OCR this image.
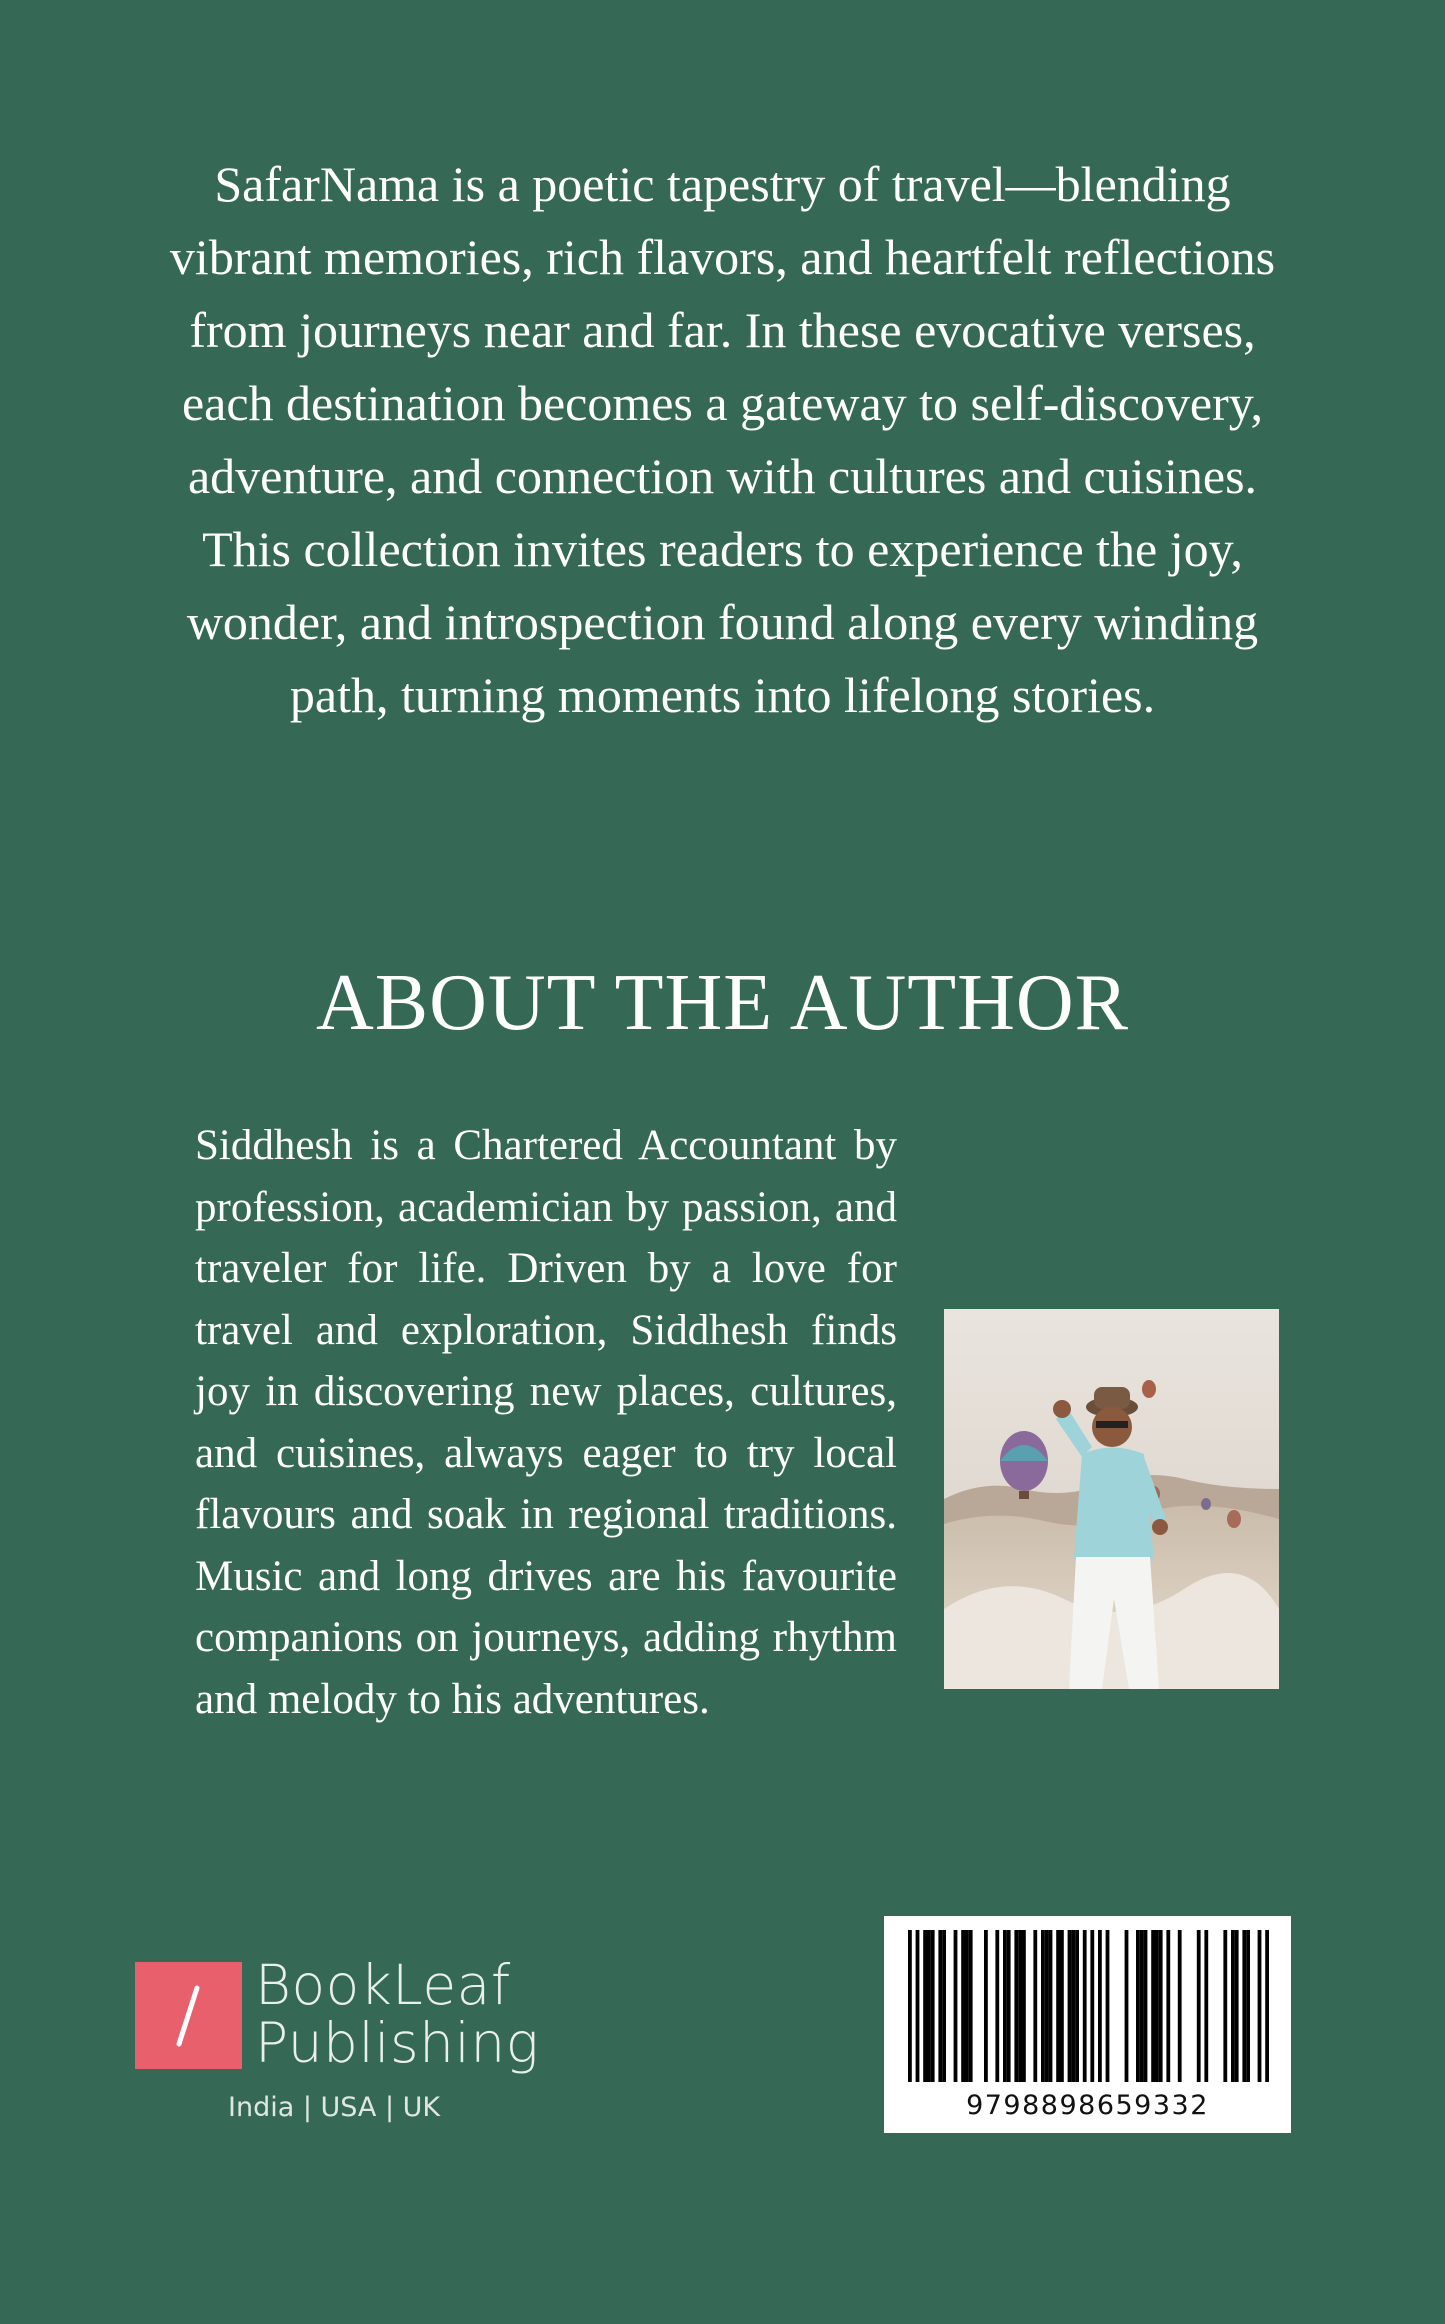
SafarNama is a poetic tapestry of travel—blending vibrant memories, rich flavors, and heartfelt reflections from journeys near and far. In these evocative verses, each destination becomes a gateway to self-discovery, adventure, and connection with cultures and cuisines. This collection invites readers to experience the joy, wonder, and introspection found along every winding path, turning moments into lifelong stories.

ABOUT THE AUTHOR

Siddhesh is a Chartered Accountant by profession, academician by passion, and traveler for life. Driven by a love for travel and exploration, Siddhesh finds joy in discovering new places, cultures, and cuisines, always eager to try local flavours and soak in regional traditions. Music and long drives are his favourite companions on journeys, adding rhythm and melody to his adventures.

BookLeaf
Publishing
India | USA | UK	9798898659332
